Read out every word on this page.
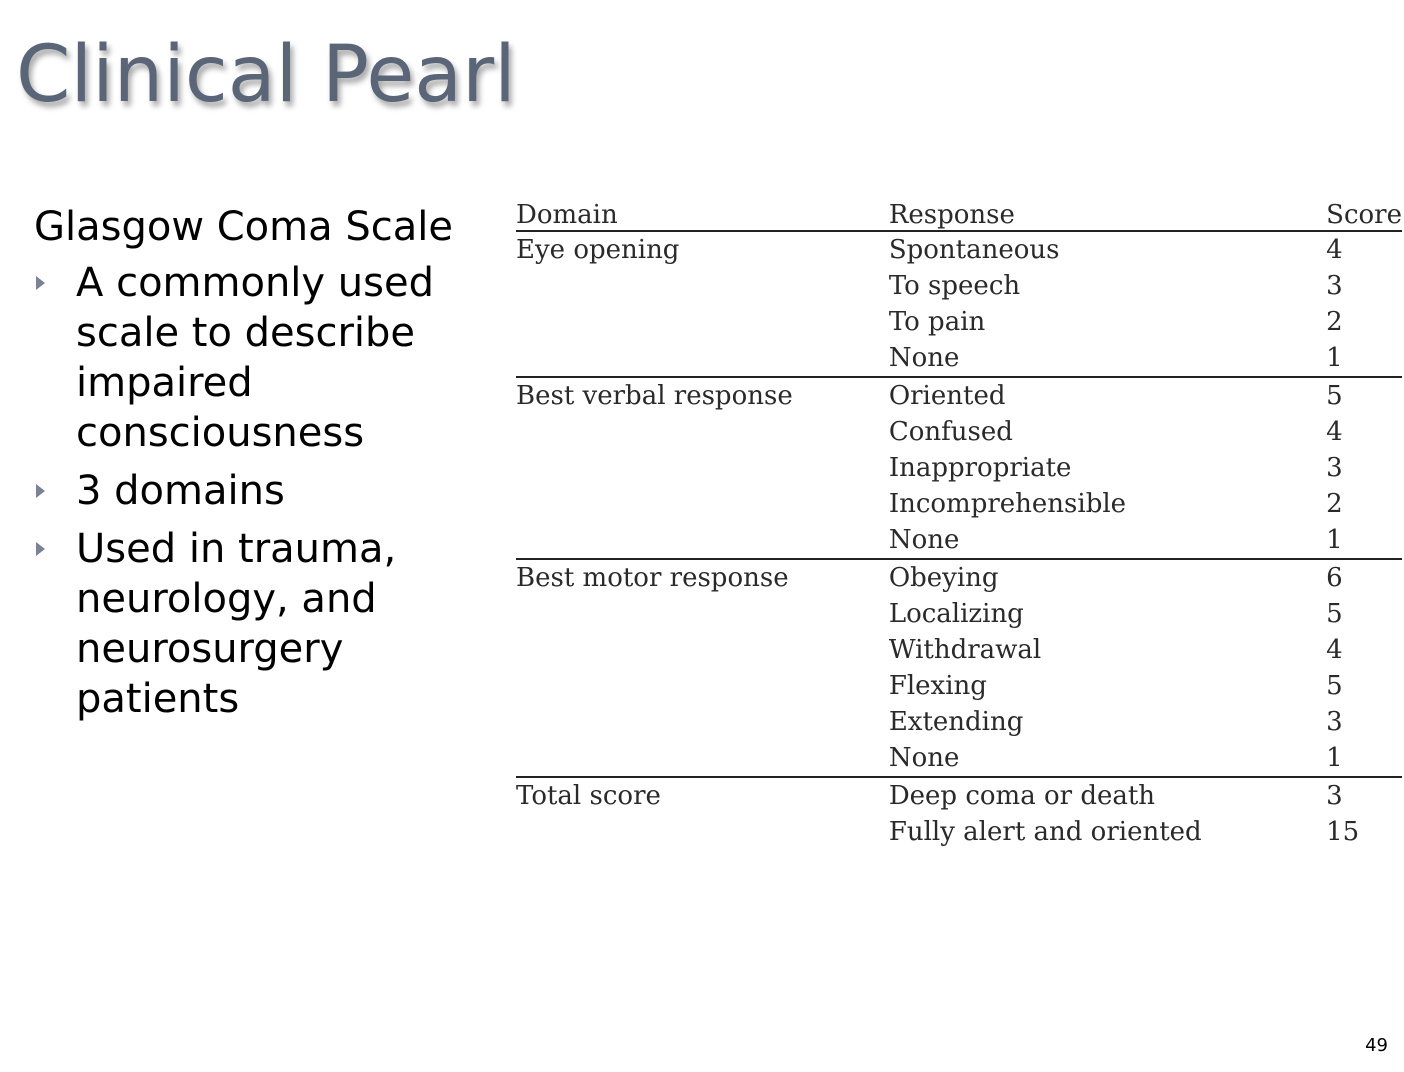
Clinical Pearl
Glasgow Coma Scale
A commonly used scale to describe impaired consciousness
3 domains
Used in trauma, neurology, and neurosurgery patients
Domain	Response	Score
Eye opening	Spontaneous	4
	To speech	3
	To pain	2
	None	1
Best verbal response	Oriented	5
	Confused	4
	Inappropriate	3
	Incomprehensible	2
	None	1
Best motor response	Obeying	6
	Localizing	5
	Withdrawal	4
	Flexing	5
	Extending	3
	None	1
Total score	Deep coma or death	3
	Fully alert and oriented	15
49
